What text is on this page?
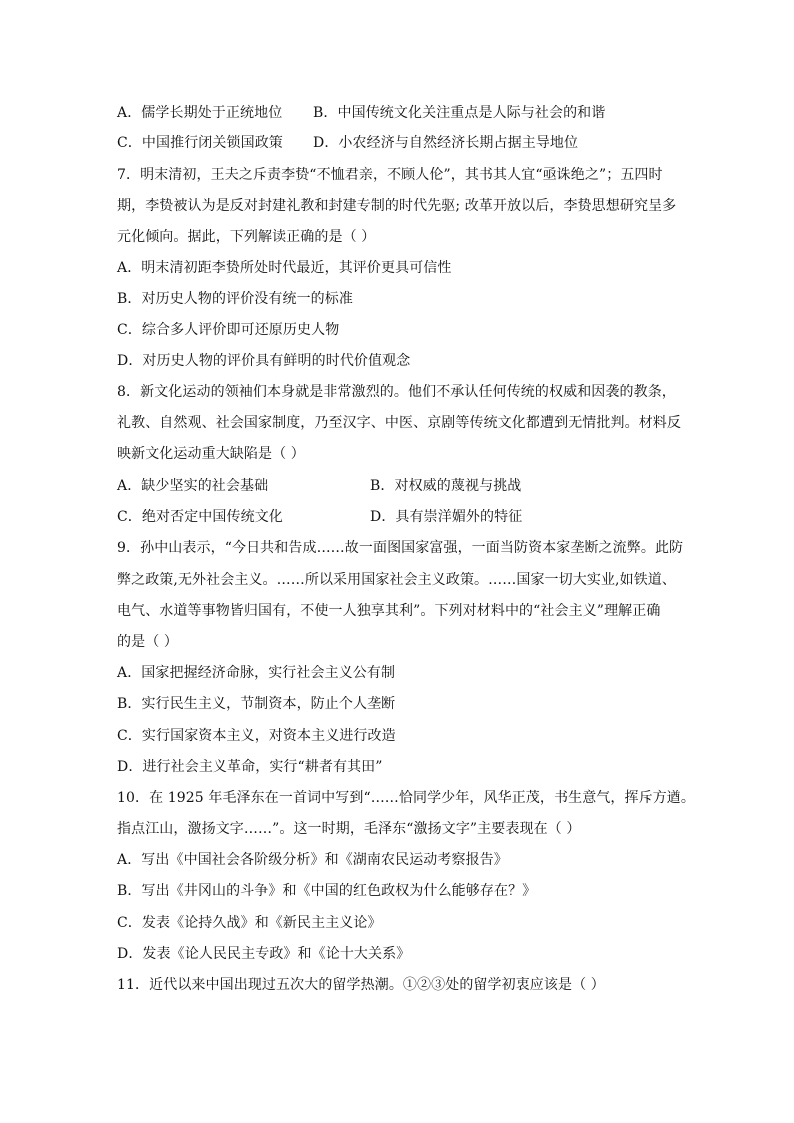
A．儒学长期处于正统地位 B．中国传统文化关注重点是人际与社会的和谐
C．中国推行闭关锁国政策 D．小农经济与自然经济长期占据主导地位
7．明末清初，王夫之斥责李贽“不恤君亲，不顾人伦”，其书其人宜“亟诛绝之”；五四时
期，李贽被认为是反对封建礼教和封建专制的时代先驱; 改革开放以后，李贽思想研究呈多
元化倾向。据此，下列解读正确的是（ ）
A．明末清初距李贽所处时代最近，其评价更具可信性
B．对历史人物的评价没有统一的标准
C．综合多人评价即可还原历史人物
D．对历史人物的评价具有鲜明的时代价值观念
8．新文化运动的领袖们本身就是非常激烈的。他们不承认任何传统的权威和因袭的教条，
礼教、自然观、社会国家制度，乃至汉字、中医、京剧等传统文化都遭到无情批判。材料反
映新文化运动重大缺陷是（ ）
A．缺少坚实的社会基础	B．对权威的蔑视与挑战
C．绝对否定中国传统文化	D．具有崇洋媚外的特征
9．孙中山表示，“今日共和告成……故一面图国家富强，一面当防资本家垄断之流弊。此防
弊之政策,无外社会主义。……所以采用国家社会主义政策。……国家一切大实业,如铁道、
电气、水道等事物皆归国有，不使一人独享其利”。下列对材料中的“社会主义”理解正确
的是（ ）
A．国家把握经济命脉，实行社会主义公有制
B．实行民生主义，节制资本，防止个人垄断
C．实行国家资本主义，对资本主义进行改造
D．进行社会主义革命，实行“耕者有其田”
10．在 1925 年毛泽东在一首词中写到“……恰同学少年，风华正茂，书生意气，挥斥方遒。
指点江山，激扬文字……”。这一时期，毛泽东“激扬文字”主要表现在（ ）
A．写出《中国社会各阶级分析》和《湖南农民运动考察报告》
B．写出《井冈山的斗争》和《中国的红色政权为什么能够存在？》
C．发表《论持久战》和《新民主主义论》
D．发表《论人民民主专政》和《论十大关系》
11．近代以来中国出现过五次大的留学热潮。①②③处的留学初衷应该是（ ）
